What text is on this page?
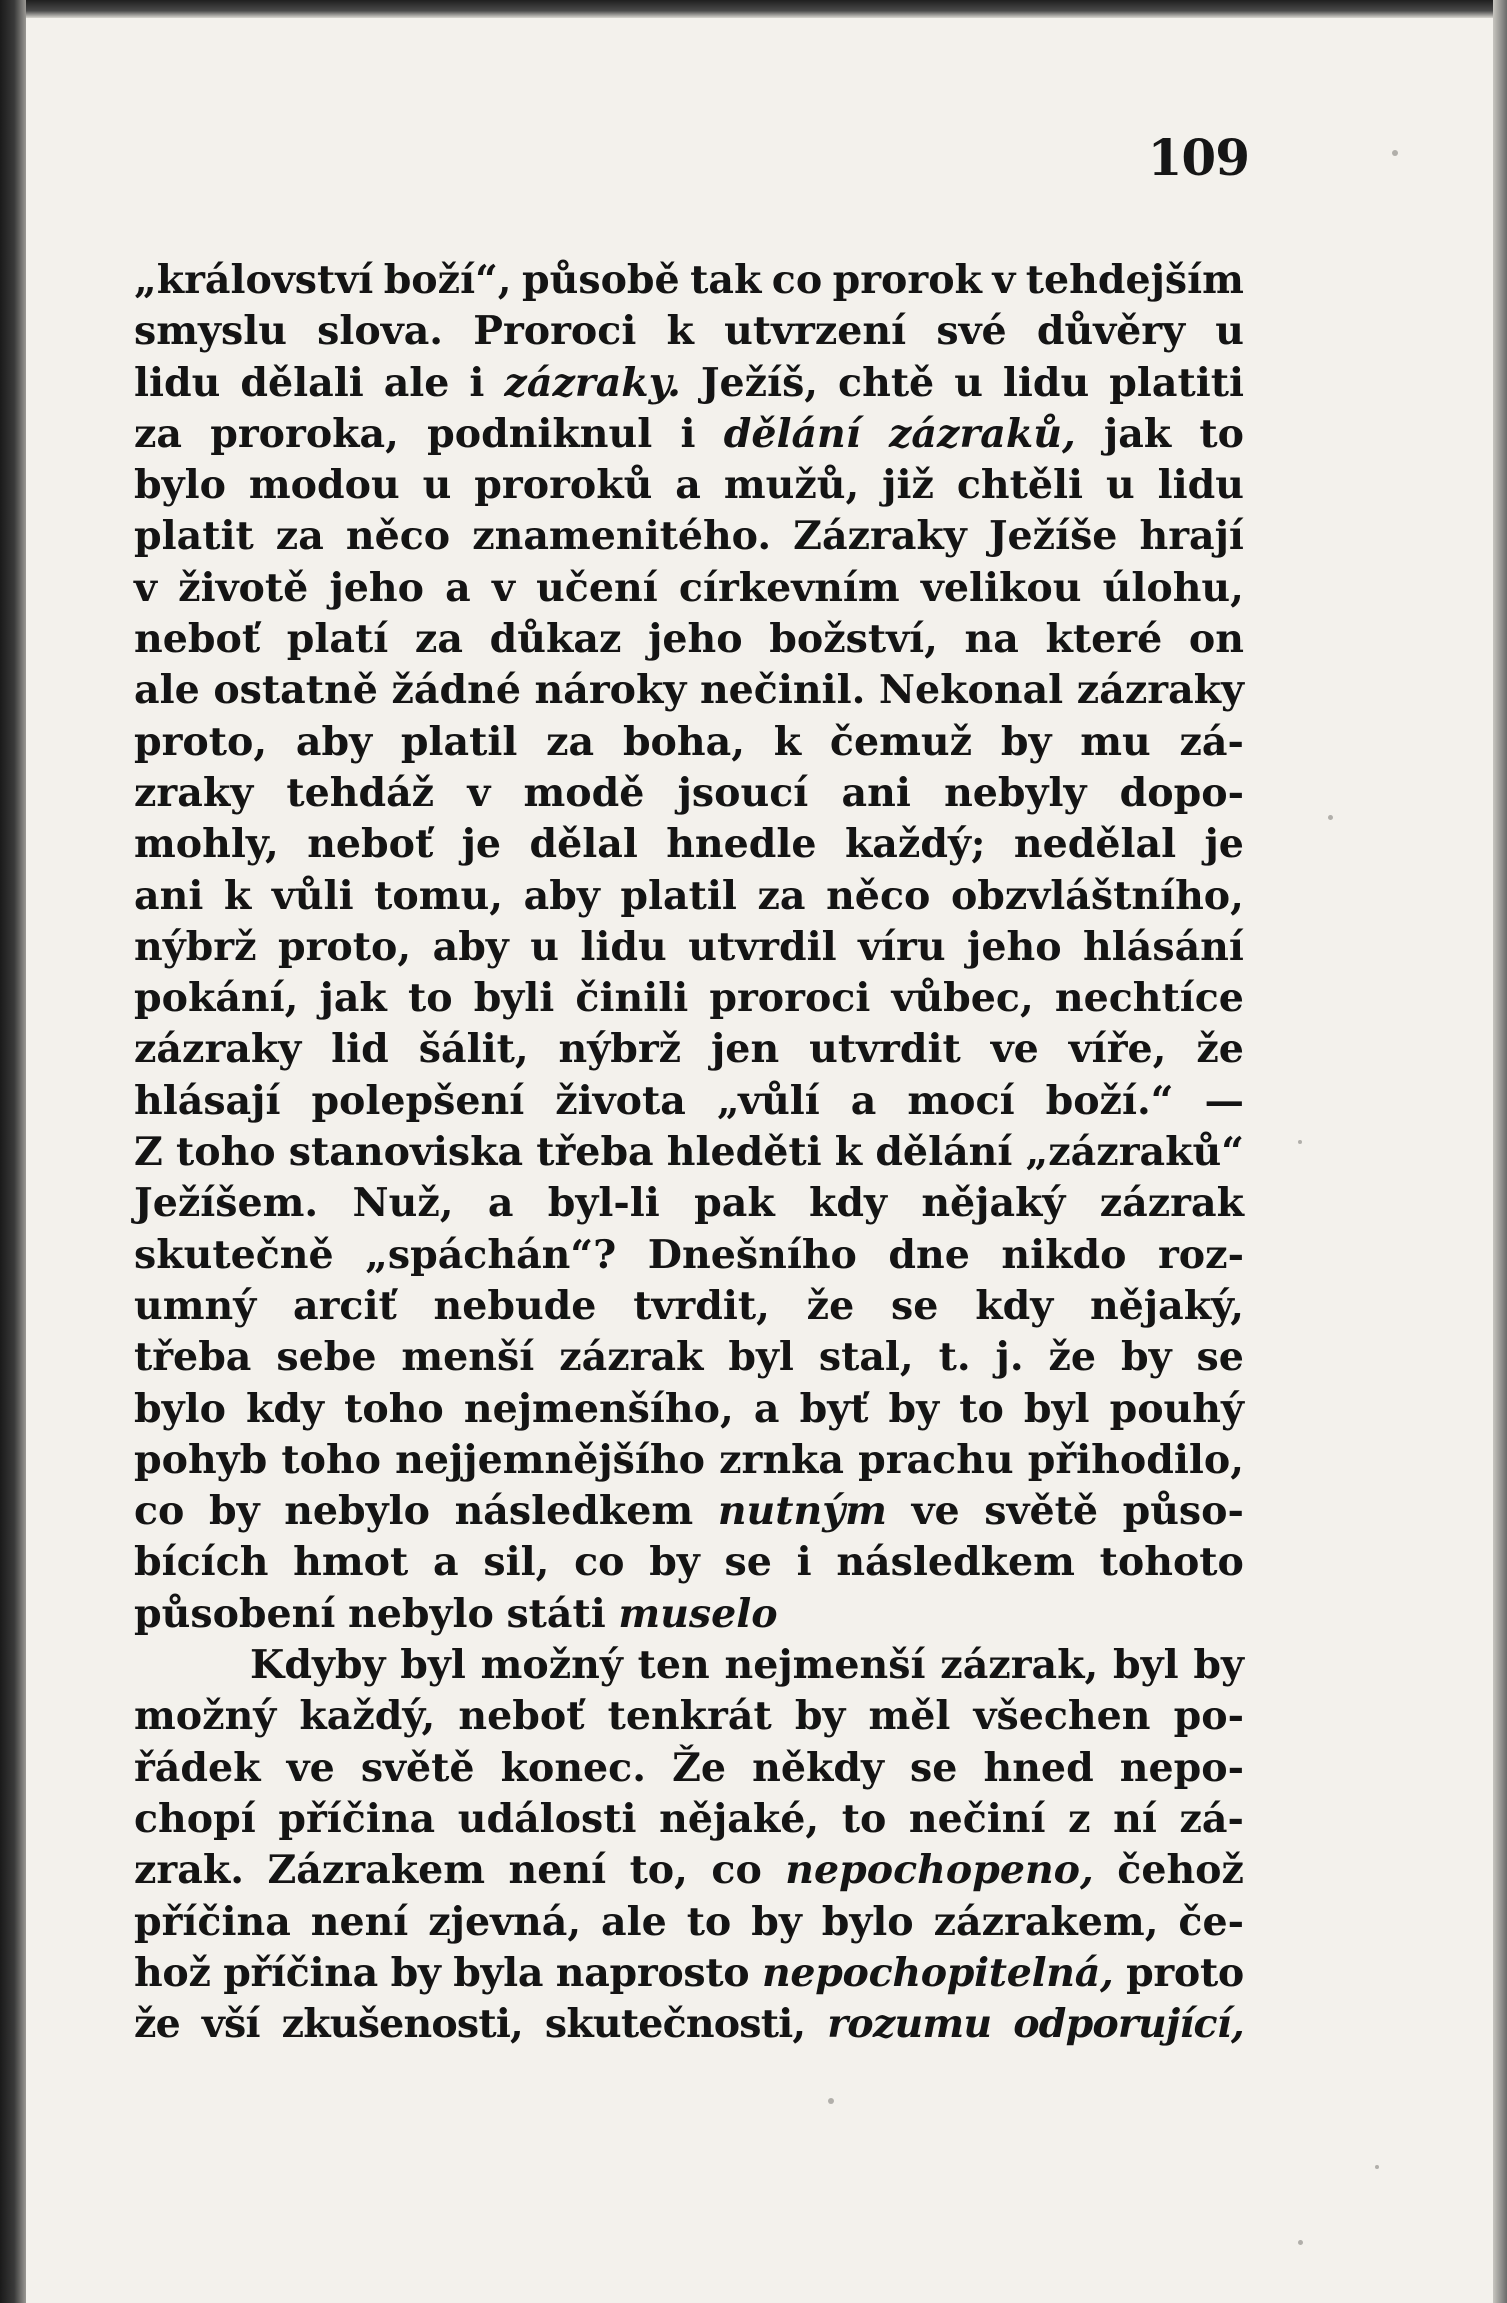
109
„království boží“, působě tak co prorok v tehdejším
smyslu slova. Proroci k utvrzení své důvěry u
lidu dělali ale i zázraky. Ježíš, chtě u lidu platiti
za proroka, podniknul i dělání zázraků, jak to
bylo modou u proroků a mužů, již chtěli u lidu
platit za něco znamenitého. Zázraky Ježíše hrají
v životě jeho a v učení církevním velikou úlohu,
neboť platí za důkaz jeho božství, na které on
ale ostatně žádné nároky nečinil. Nekonal zázraky
proto, aby platil za boha, k čemuž by mu zá-
zraky tehdáž v modě jsoucí ani nebyly dopo-
mohly, neboť je dělal hnedle každý; nedělal je
ani k vůli tomu, aby platil za něco obzvláštního,
nýbrž proto, aby u lidu utvrdil víru jeho hlásání
pokání, jak to byli činili proroci vůbec, nechtíce
zázraky lid šálit, nýbrž jen utvrdit ve víře, že
hlásají polepšení života „vůlí a mocí boží.“ —
Z toho stanoviska třeba hleděti k dělání „zázraků“
Ježíšem. Nuž, a byl-li pak kdy nějaký zázrak
skutečně „spáchán“? Dnešního dne nikdo roz-
umný arciť nebude tvrdit, že se kdy nějaký,
třeba sebe menší zázrak byl stal, t. j. že by se
bylo kdy toho nejmenšího, a byť by to byl pouhý
pohyb toho nejjemnějšího zrnka prachu přihodilo,
co by nebylo následkem nutným ve světě půso-
bících hmot a sil, co by se i následkem tohoto
působení nebylo státi muselo
Kdyby byl možný ten nejmenší zázrak, byl by
možný každý, neboť tenkrát by měl všechen po-
řádek ve světě konec. Že někdy se hned nepo-
chopí příčina události nějaké, to nečiní z ní zá-
zrak. Zázrakem není to, co nepochopeno, čehož
příčina není zjevná, ale to by bylo zázrakem, če-
hož příčina by byla naprosto nepochopitelná, proto
že vší zkušenosti, skutečnosti, rozumu odporující,
